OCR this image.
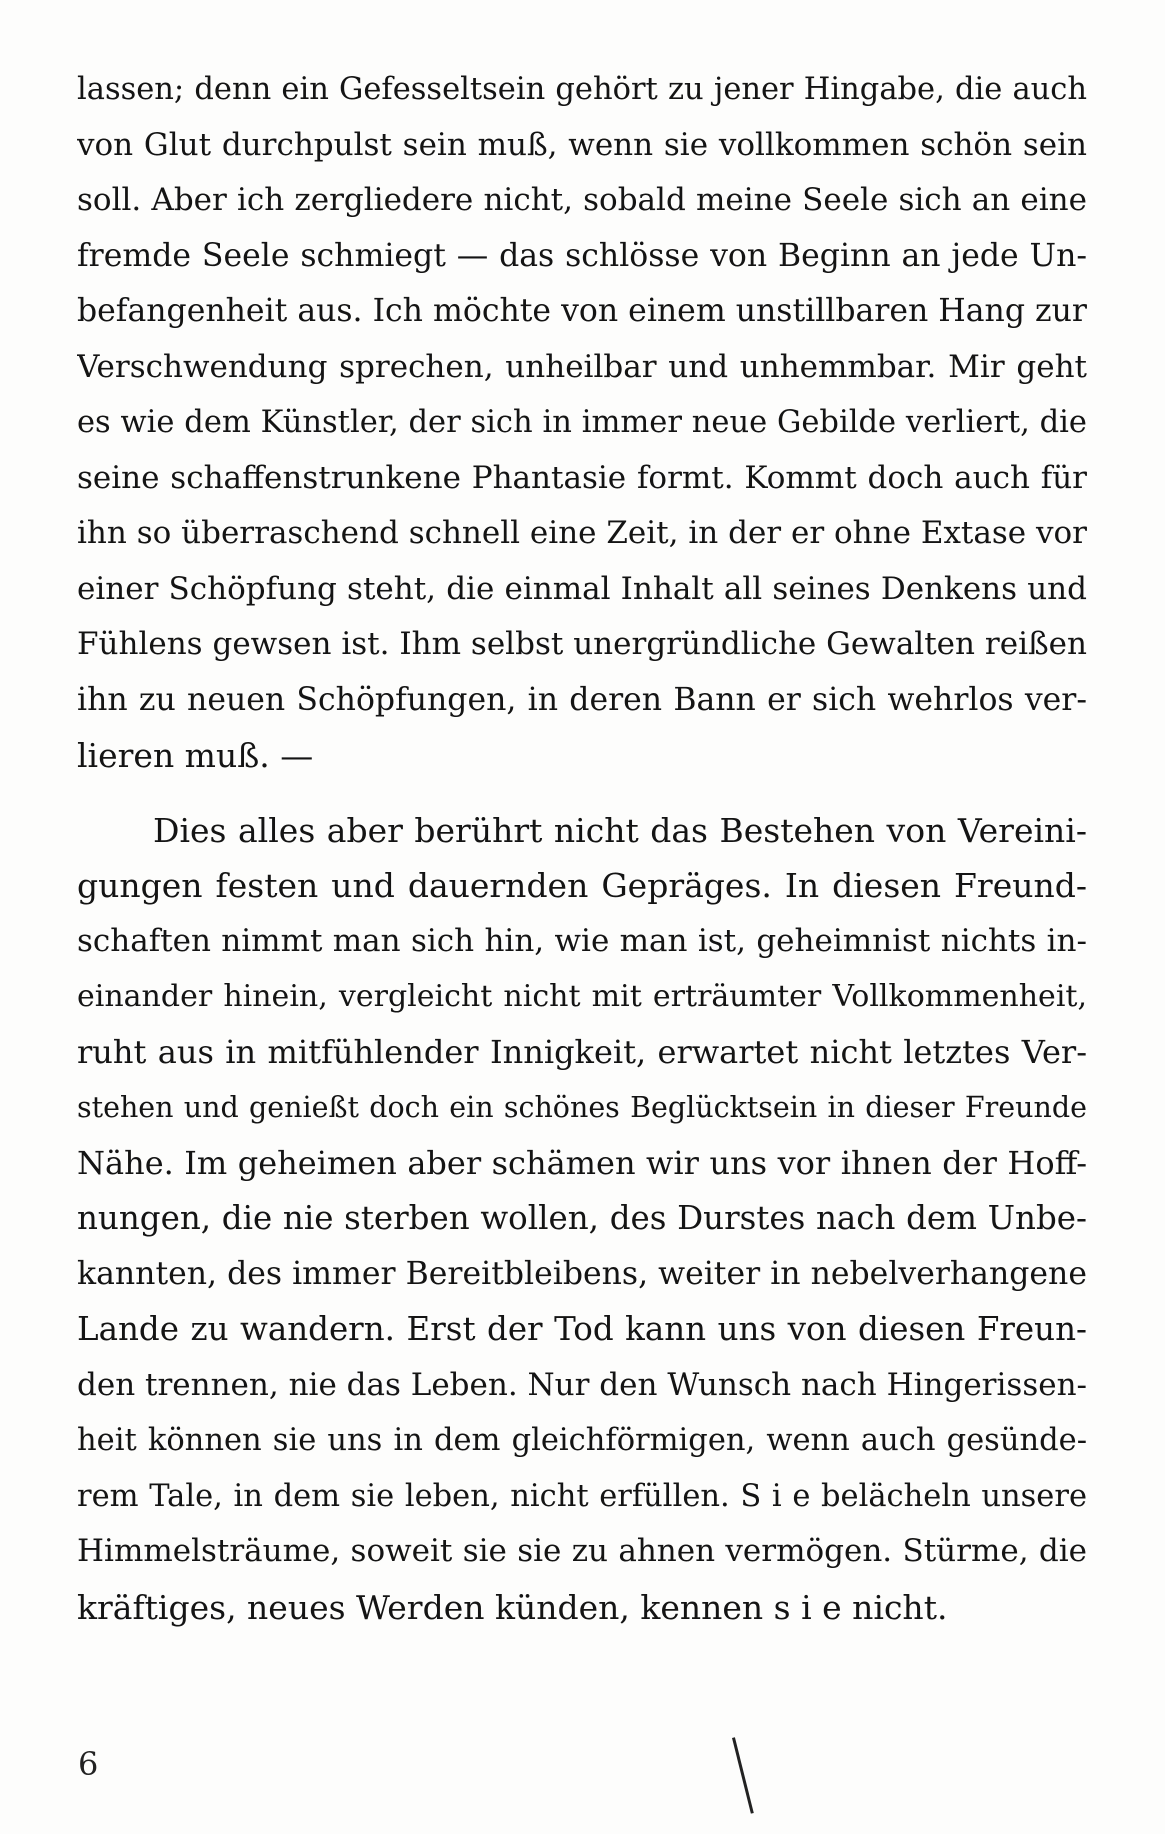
lassen; denn ein Gefesseltsein gehört zu jener Hingabe, die auch
von Glut durchpulst sein muß, wenn sie vollkommen schön sein
soll. Aber ich zergliedere nicht, sobald meine Seele sich an eine
fremde Seele schmiegt — das schlösse von Beginn an jede Un-
befangenheit aus. Ich möchte von einem unstillbaren Hang zur
Verschwendung sprechen, unheilbar und unhemmbar. Mir geht
es wie dem Künstler, der sich in immer neue Gebilde verliert, die
seine schaffenstrunkene Phantasie formt. Kommt doch auch für
ihn so überraschend schnell eine Zeit, in der er ohne Extase vor
einer Schöpfung steht, die einmal Inhalt all seines Denkens und
Fühlens gewsen ist. Ihm selbst unergründliche Gewalten reißen
ihn zu neuen Schöpfungen, in deren Bann er sich wehrlos ver-
lieren muß. —
Dies alles aber berührt nicht das Bestehen von Vereini-
gungen festen und dauernden Gepräges. In diesen Freund-
schaften nimmt man sich hin, wie man ist, geheimnist nichts in-
einander hinein, vergleicht nicht mit erträumter Vollkommenheit,
ruht aus in mitfühlender Innigkeit, erwartet nicht letztes Ver-
stehen und genießt doch ein schönes Beglücktsein in dieser Freunde
Nähe. Im geheimen aber schämen wir uns vor ihnen der Hoff-
nungen, die nie sterben wollen, des Durstes nach dem Unbe-
kannten, des immer Bereitbleibens, weiter in nebelverhangene
Lande zu wandern. Erst der Tod kann uns von diesen Freun-
den trennen, nie das Leben. Nur den Wunsch nach Hingerissen-
heit können sie uns in dem gleichförmigen, wenn auch gesünde-
rem Tale, in dem sie leben, nicht erfüllen. S i e belächeln unsere
Himmelsträume, soweit sie sie zu ahnen vermögen. Stürme, die
kräftiges, neues Werden künden, kennen s i e nicht.
6
